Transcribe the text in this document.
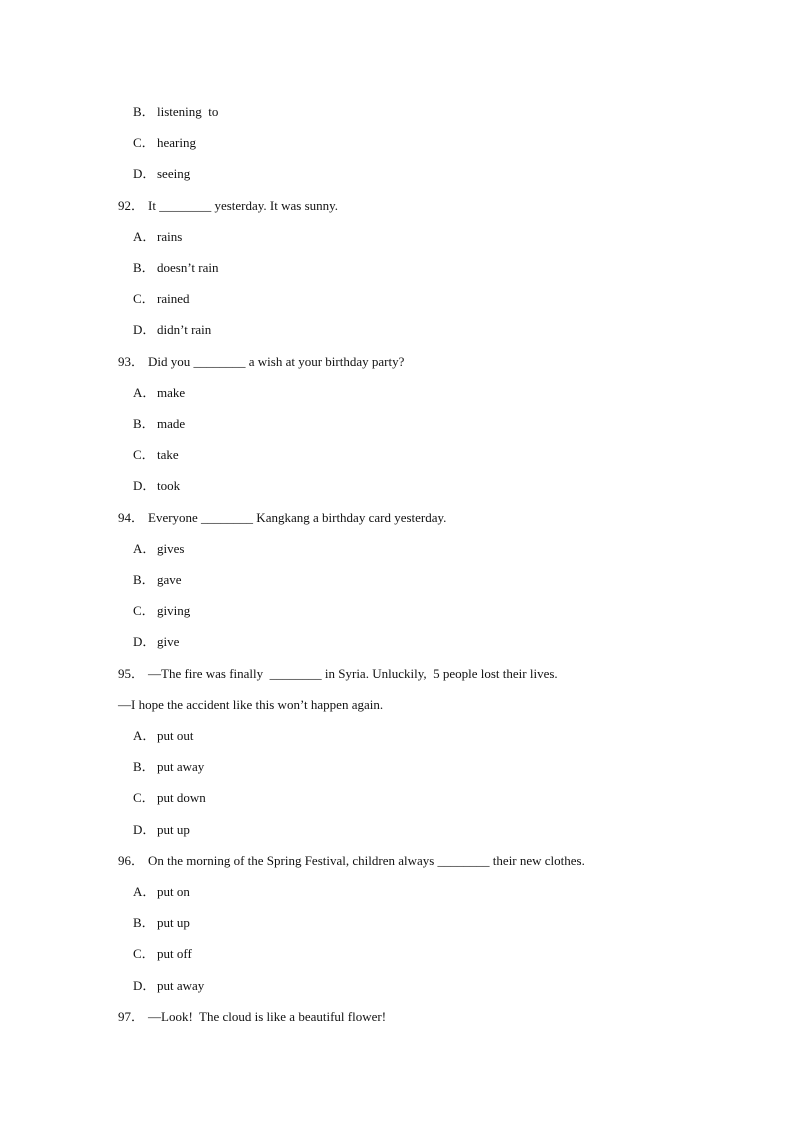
B． listening  to
C． hearing
D． seeing
92． It ________ yesterday. It was sunny.
A． rains
B． doesn’t rain
C． rained
D． didn’t rain
93． Did you ________ a wish at your birthday party?
A． make
B． made
C． take
D． took
94． Everyone ________ Kangkang a birthday card yesterday.
A． gives
B． gave
C． giving
D． give
95． —The fire was finally  ________ in Syria. Unluckily,  5 people lost their lives.
—I hope the accident like this won’t happen again.
A． put out
B． put away
C． put down
D． put up
96． On the morning of the Spring Festival, children always ________ their new clothes.
A． put on
B． put up
C． put off
D． put away
97． —Look!  The cloud is like a beautiful flower!
